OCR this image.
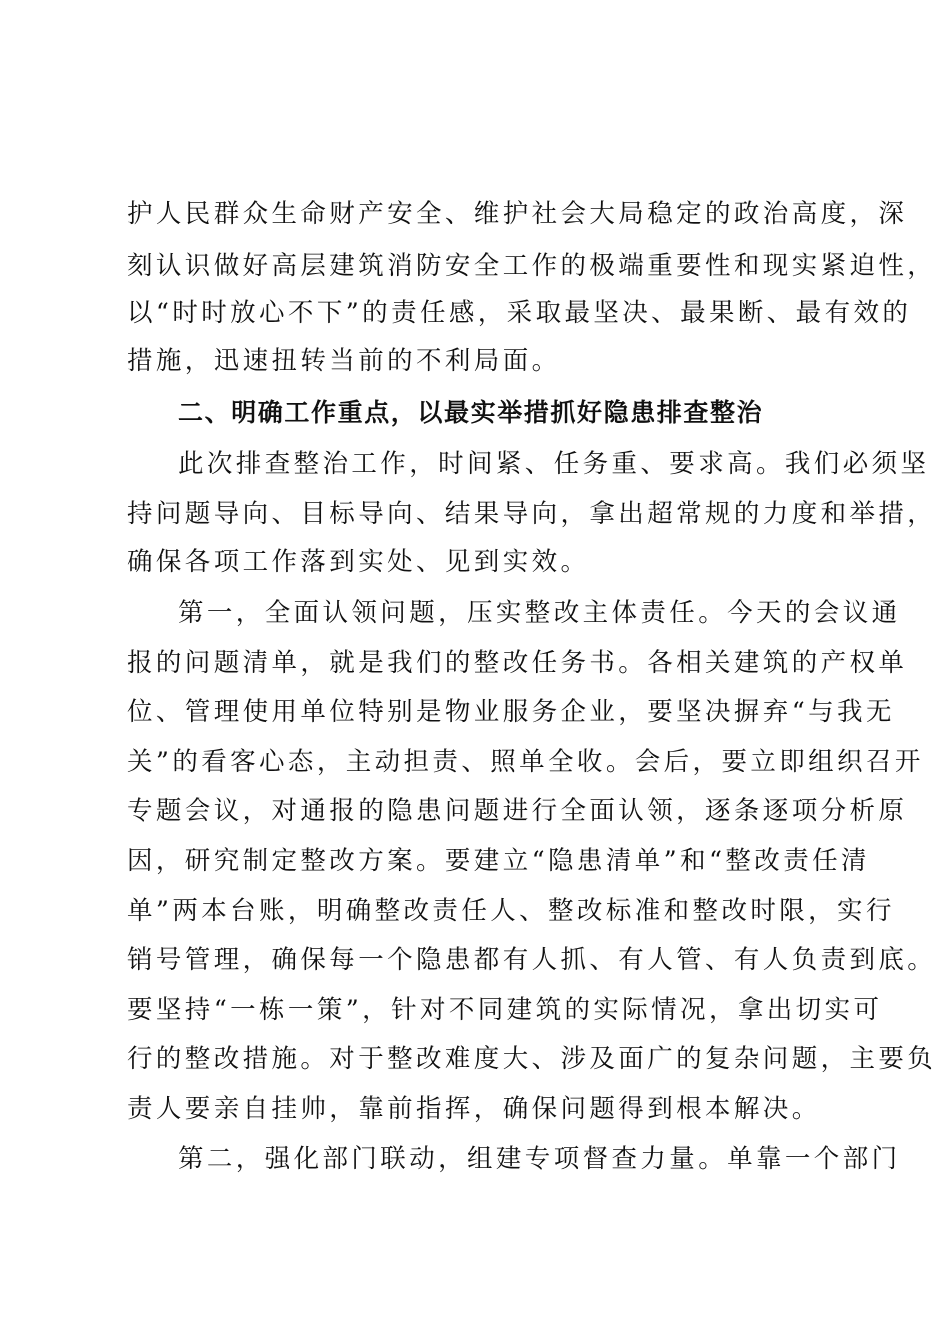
护人民群众生命财产安全、维护社会大局稳定的政治高度，深
刻认识做好高层建筑消防安全工作的极端重要性和现实紧迫性，
以“时时放心不下”的责任感，采取最坚决、最果断、最有效的
措施，迅速扭转当前的不利局面。
二、明确工作重点，以最实举措抓好隐患排查整治
此次排查整治工作，时间紧、任务重、要求高。我们必须坚
持问题导向、目标导向、结果导向，拿出超常规的力度和举措，
确保各项工作落到实处、见到实效。
第一，全面认领问题，压实整改主体责任。今天的会议通
报的问题清单，就是我们的整改任务书。各相关建筑的产权单
位、管理使用单位特别是物业服务企业，要坚决摒弃“与我无
关”的看客心态，主动担责、照单全收。会后，要立即组织召开
专题会议，对通报的隐患问题进行全面认领，逐条逐项分析原
因，研究制定整改方案。要建立“隐患清单”和“整改责任清
单”两本台账，明确整改责任人、整改标准和整改时限，实行
销号管理，确保每一个隐患都有人抓、有人管、有人负责到底。
要坚持“一栋一策”，针对不同建筑的实际情况，拿出切实可
行的整改措施。对于整改难度大、涉及面广的复杂问题，主要负
责人要亲自挂帅，靠前指挥，确保问题得到根本解决。
第二，强化部门联动，组建专项督查力量。单靠一个部门
